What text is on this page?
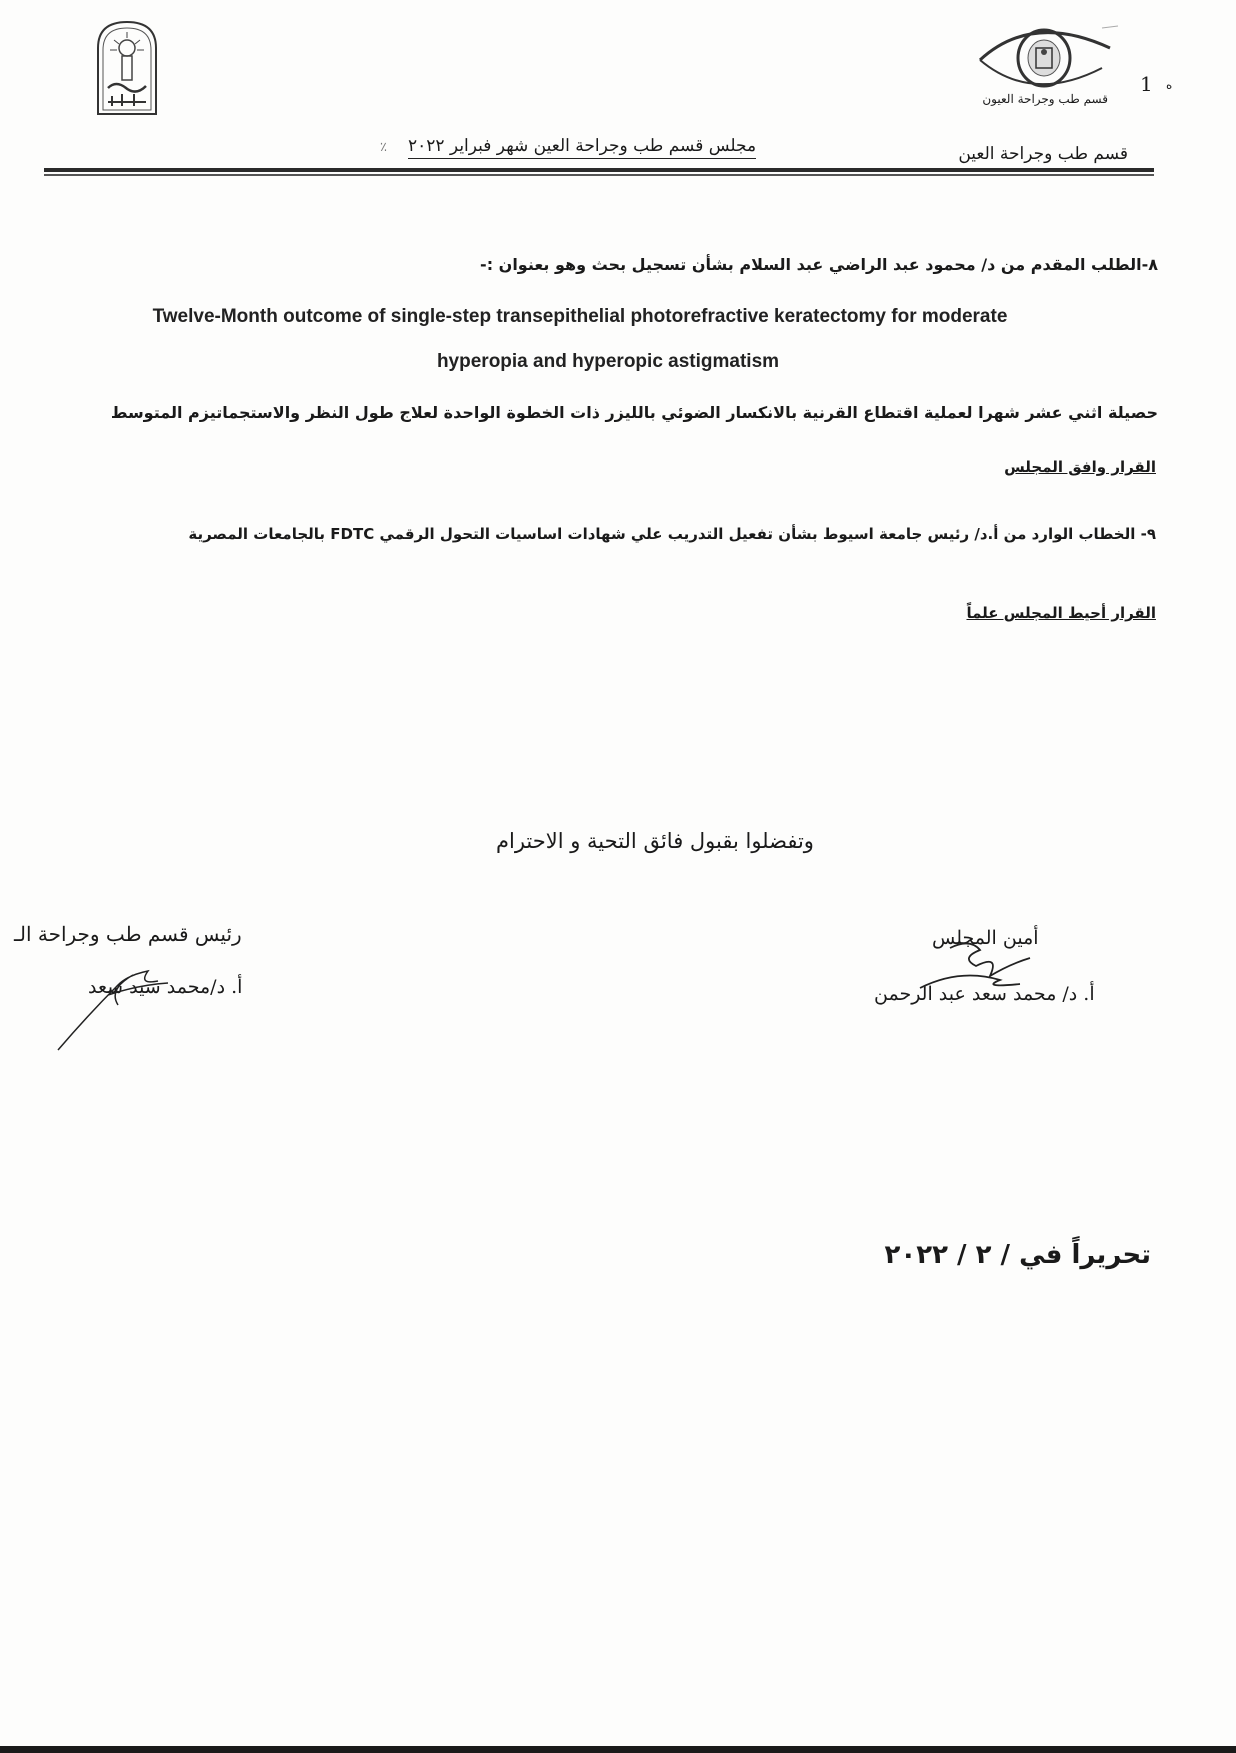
1 ه
قسم طب وجراحة العيون
قسم طب وجراحة العين
مجلس قسم طب وجراحة العين شهر فبراير ٢٠٢٢
٪
٨-الطلب المقدم من د/ محمود عبد الراضي عبد السلام بشأن تسجيل بحث وهو بعنوان :-
Twelve-Month outcome of single-step transepithelial photorefractive keratectomy for moderate
hyperopia and hyperopic astigmatism
حصيلة اثني عشر شهرا لعملية اقتطاع القرنية بالانكسار الضوئي بالليزر ذات الخطوة الواحدة لعلاج طول النظر والاستجماتيزم المتوسط
القرار وافق المجلس
٩- الخطاب الوارد من أ.د/ رئيس جامعة اسيوط بشأن تفعيل التدريب علي شهادات اساسيات التحول الرقمي FDTC بالجامعات المصرية
القرار أحيط المجلس علماً
وتفضلوا بقبول فائق التحية و الاحترام
أمين المجلس
أ. د/ محمد سعد عبد الرحمن
رئيس قسم طب وجراحة الـ
أ. د/محمد سيد سعد
تحريراً في / ٢ / ٢٠٢٢
